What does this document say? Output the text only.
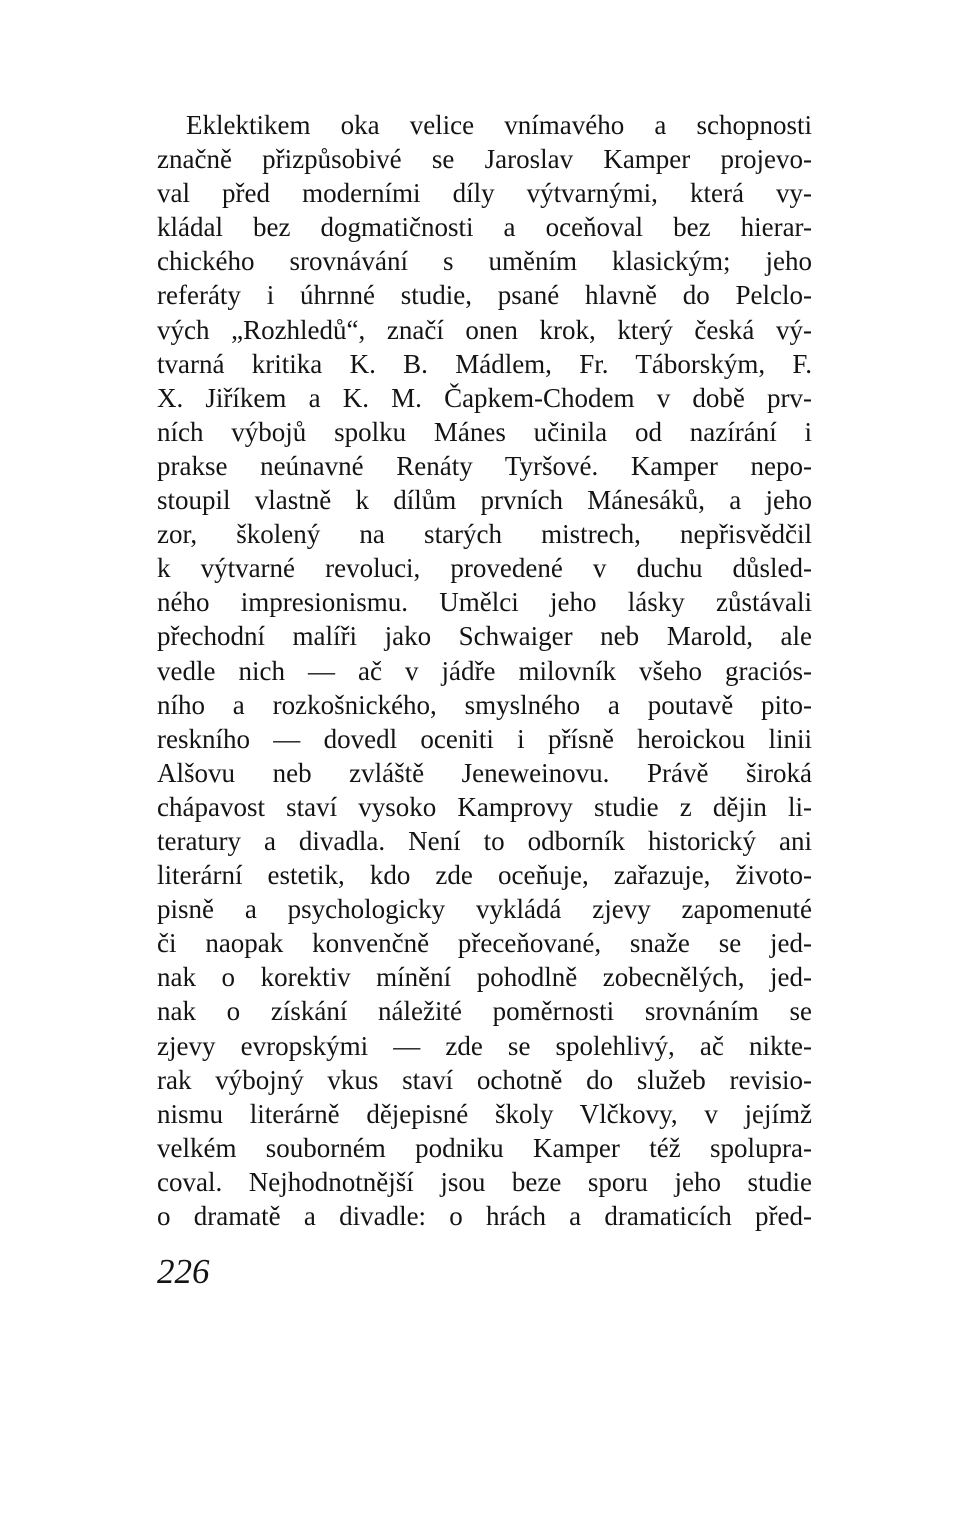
Eklektikem oka velice vnímavého a schopnosti
značně přizpůsobivé se Jaroslav Kamper projevo-
val před moderními díly výtvarnými, která vy-
kládal bez dogmatičnosti a oceňoval bez hierar-
chického srovnávání s uměním klasickým; jeho
referáty i úhrnné studie, psané hlavně do Pelclo-
vých „Rozhledů“, značí onen krok, který česká vý-
tvarná kritika K. B. Mádlem, Fr. Táborským, F.
X. Jiříkem a K. M. Čapkem-Chodem v době prv-
ních výbojů spolku Mánes učinila od nazírání i
prakse neúnavné Renáty Tyršové. Kamper nepo-
stoupil vlastně k dílům prvních Mánesáků, a jeho
zor, školený na starých mistrech, nepřisvědčil
k výtvarné revoluci, provedené v duchu důsled-
ného impresionismu. Umělci jeho lásky zůstávali
přechodní malíři jako Schwaiger neb Marold, ale
vedle nich — ač v jádře milovník všeho graciós-
ního a rozkošnického, smyslného a poutavě pito-
reskního — dovedl oceniti i přísně heroickou linii
Alšovu neb zvláště Jeneweinovu. Právě široká
chápavost staví vysoko Kamprovy studie z dějin li-
teratury a divadla. Není to odborník historický ani
literární estetik, kdo zde oceňuje, zařazuje, životo-
pisně a psychologicky vykládá zjevy zapomenuté
či naopak konvenčně přeceňované, snaže se jed-
nak o korektiv mínění pohodlně zobecnělých, jed-
nak o získání náležité poměrnosti srovnáním se
zjevy evropskými — zde se spolehlivý, ač nikte-
rak výbojný vkus staví ochotně do služeb revisio-
nismu literárně dějepisné školy Vlčkovy, v jejímž
velkém souborném podniku Kamper též spolupra-
coval. Nejhodnotnější jsou beze sporu jeho studie
o dramatě a divadle: o hrách a dramaticích před-
226
